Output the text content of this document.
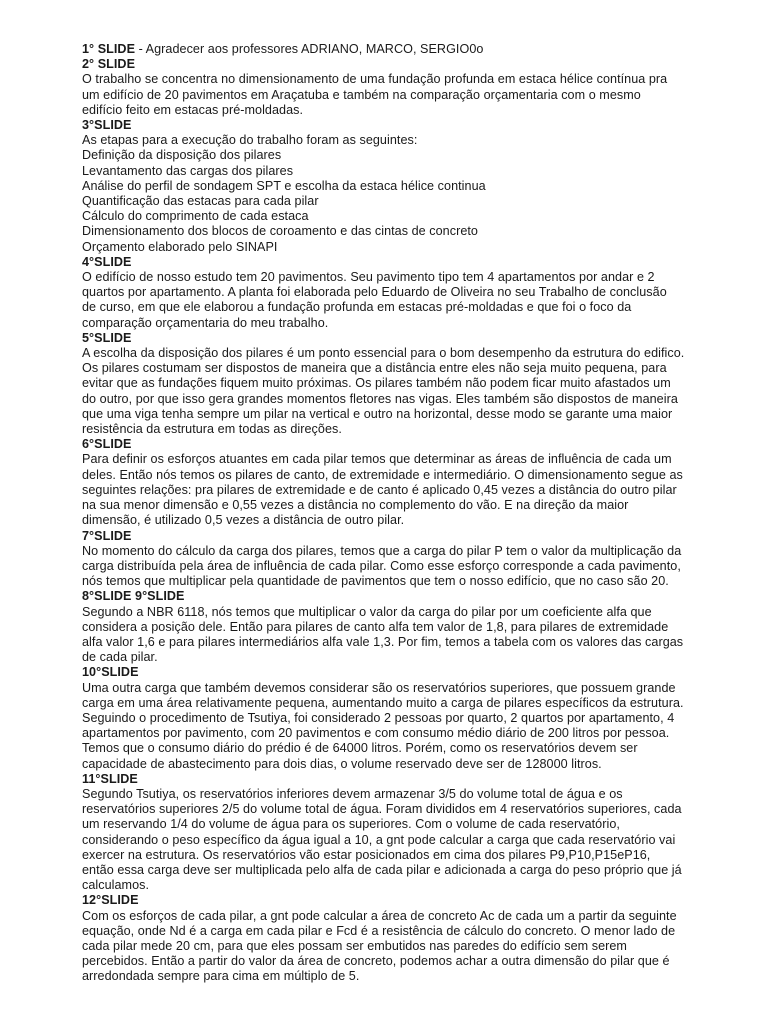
1° SLIDE - Agradecer aos professores ADRIANO, MARCO, SERGIO0o
2° SLIDE
O trabalho se concentra no dimensionamento de uma fundação profunda em estaca hélice contínua pra
um edifício de 20 pavimentos em Araçatuba e também na comparação orçamentaria com o mesmo
edifício feito em estacas pré-moldadas.
3°SLIDE
As etapas para a execução do trabalho foram as seguintes:
Definição da disposição dos pilares
Levantamento das cargas dos pilares
Análise do perfil de sondagem SPT e escolha da estaca hélice continua
Quantificação das estacas para cada pilar
Cálculo do comprimento de cada estaca
Dimensionamento dos blocos de coroamento e das cintas de concreto
Orçamento elaborado pelo SINAPI
4°SLIDE
O edifício de nosso estudo tem 20 pavimentos. Seu pavimento tipo tem 4 apartamentos por andar e 2
quartos por apartamento. A planta foi elaborada pelo Eduardo de Oliveira no seu Trabalho de conclusão
de curso, em que ele elaborou a fundação profunda em estacas pré-moldadas e que foi o foco da
comparação orçamentaria do meu trabalho.
5°SLIDE
A escolha da disposição dos pilares é um ponto essencial para o bom desempenho da estrutura do edifico.
Os pilares costumam ser dispostos de maneira que a distância entre eles não seja muito pequena, para
evitar que as fundações fiquem muito próximas. Os pilares também não podem ficar muito afastados um
do outro, por que isso gera grandes momentos fletores nas vigas. Eles também são dispostos de maneira
que uma viga tenha sempre um pilar na vertical e outro na horizontal, desse modo se garante uma maior
resistência da estrutura em todas as direções.
6°SLIDE
Para definir os esforços atuantes em cada pilar temos que determinar as áreas de influência de cada um
deles. Então nós temos os pilares de canto, de extremidade e intermediário. O dimensionamento segue as
seguintes relações: pra pilares de extremidade e de canto é aplicado 0,45 vezes a distância do outro pilar
na sua menor dimensão e 0,55 vezes a distância no complemento do vão. E na direção da maior
dimensão, é utilizado 0,5 vezes a distância de outro pilar.
7°SLIDE
No momento do cálculo da carga dos pilares, temos que a carga do pilar P tem o valor da multiplicação da
carga distribuída pela área de influência de cada pilar. Como esse esforço corresponde a cada pavimento,
nós temos que multiplicar pela quantidade de pavimentos que tem o nosso edifício, que no caso são 20.
8°SLIDE 9°SLIDE
Segundo a NBR 6118, nós temos que multiplicar o valor da carga do pilar por um coeficiente alfa que
considera a posição dele. Então para pilares de canto alfa tem valor de 1,8, para pilares de extremidade
alfa valor 1,6 e para pilares intermediários alfa vale 1,3. Por fim, temos a tabela com os valores das cargas
de cada pilar.
10°SLIDE
Uma outra carga que também devemos considerar são os reservatórios superiores, que possuem grande
carga em uma área relativamente pequena, aumentando muito a carga de pilares específicos da estrutura.
Seguindo o procedimento de Tsutiya, foi considerado 2 pessoas por quarto, 2 quartos por apartamento, 4
apartamentos por pavimento, com 20 pavimentos e com consumo médio diário de 200 litros por pessoa.
Temos que o consumo diário do prédio é de 64000 litros. Porém, como os reservatórios devem ser
capacidade de abastecimento para dois dias, o volume reservado deve ser de 128000 litros.
11°SLIDE
Segundo Tsutiya, os reservatórios inferiores devem armazenar 3/5 do volume total de água e os
reservatórios superiores 2/5 do volume total de água. Foram divididos em 4 reservatórios superiores, cada
um reservando 1/4 do volume de água para os superiores. Com o volume de cada reservatório,
considerando o peso específico da água igual a 10, a gnt pode calcular a carga que cada reservatório vai
exercer na estrutura. Os reservatórios vão estar posicionados em cima dos pilares P9,P10,P15eP16,
então essa carga deve ser multiplicada pelo alfa de cada pilar e adicionada a carga do peso próprio que já
calculamos.
12°SLIDE
Com os esforços de cada pilar, a gnt pode calcular a área de concreto Ac de cada um a partir da seguinte
equação, onde Nd é a carga em cada pilar e Fcd é a resistência de cálculo do concreto. O menor lado de
cada pilar mede 20 cm, para que eles possam ser embutidos nas paredes do edifício sem serem
percebidos. Então a partir do valor da área de concreto, podemos achar a outra dimensão do pilar que é
arredondada sempre para cima em múltiplo de 5.
